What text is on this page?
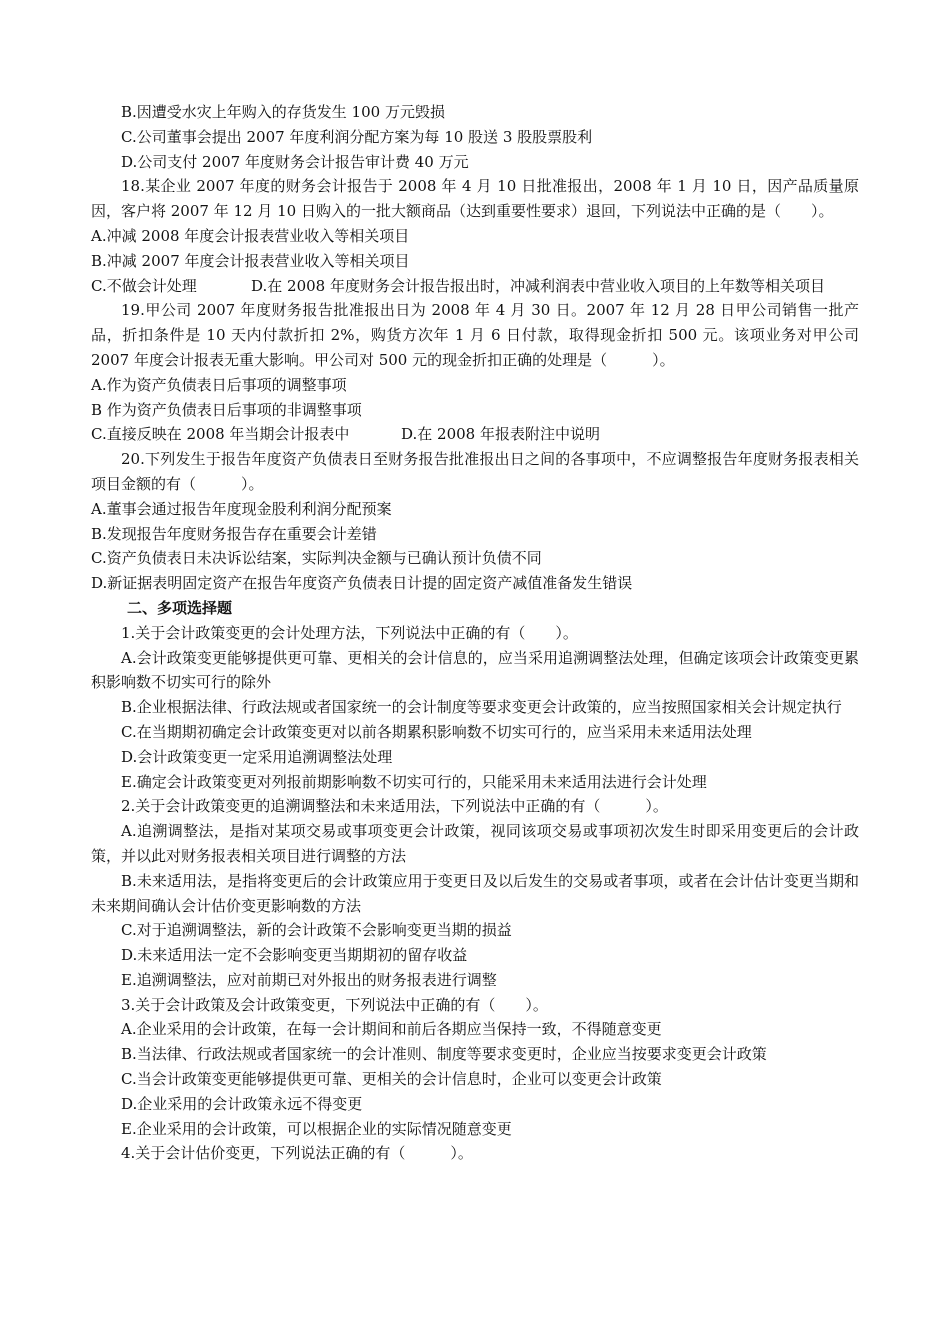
B.因遭受水灾上年购入的存货发生 100 万元毁损

C.公司董事会提出 2007 年度利润分配方案为每 10 股送 3 股股票股利

D.公司支付 2007 年度财务会计报告审计费 40 万元

18.某企业 2007 年度的财务会计报告于 2008 年 4 月 10 日批准报出，2008 年 1 月 10 日，因产品质量原因，客户将 2007 年 12 月 10 日购入的一批大额商品（达到重要性要求）退回，下列说法中正确的是（　　）。

A.冲减 2008 年度会计报表营业收入等相关项目

B.冲减 2007 年度会计报表营业收入等相关项目

C.不做会计处理	D.在 2008 年度财务会计报告报出时，冲减利润表中营业收入项目的上年数等相关项目

19.甲公司 2007 年度财务报告批准报出日为 2008 年 4 月 30 日。2007 年 12 月 28 日甲公司销售一批产品，折扣条件是 10 天内付款折扣 2%，购货方次年 1 月 6 日付款，取得现金折扣 500 元。该项业务对甲公司 2007 年度会计报表无重大影响。甲公司对 500 元的现金折扣正确的处理是（　　　）。

A.作为资产负债表日后事项的调整事项

B 作为资产负债表日后事项的非调整事项

C.直接反映在 2008 年当期会计报表中	D.在 2008 年报表附注中说明

20.下列发生于报告年度资产负债表日至财务报告批准报出日之间的各事项中，不应调整报告年度财务报表相关项目金额的有（　　　）。

A.董事会通过报告年度现金股利利润分配预案

B.发现报告年度财务报告存在重要会计差错

C.资产负债表日未决诉讼结案，实际判决金额与已确认预计负债不同

D.新证据表明固定资产在报告年度资产负债表日计提的固定资产减值准备发生错误

二、多项选择题

1.关于会计政策变更的会计处理方法，下列说法中正确的有（　　）。

A.会计政策变更能够提供更可靠、更相关的会计信息的，应当采用追溯调整法处理，但确定该项会计政策变更累积影响数不切实可行的除外

B.企业根据法律、行政法规或者国家统一的会计制度等要求变更会计政策的，应当按照国家相关会计规定执行

C.在当期期初确定会计政策变更对以前各期累积影响数不切实可行的，应当采用未来适用法处理

D.会计政策变更一定采用追溯调整法处理

E.确定会计政策变更对列报前期影响数不切实可行的，只能采用未来适用法进行会计处理

2.关于会计政策变更的追溯调整法和未来适用法，下列说法中正确的有（　　　）。

A.追溯调整法，是指对某项交易或事项变更会计政策，视同该项交易或事项初次发生时即采用变更后的会计政策，并以此对财务报表相关项目进行调整的方法

B.未来适用法，是指将变更后的会计政策应用于变更日及以后发生的交易或者事项，或者在会计估计变更当期和未来期间确认会计估价变更影响数的方法

C.对于追溯调整法，新的会计政策不会影响变更当期的损益

D.未来适用法一定不会影响变更当期期初的留存收益

E.追溯调整法，应对前期已对外报出的财务报表进行调整

3.关于会计政策及会计政策变更，下列说法中正确的有（　　）。

A.企业采用的会计政策，在每一会计期间和前后各期应当保持一致，不得随意变更

B.当法律、行政法规或者国家统一的会计准则、制度等要求变更时，企业应当按要求变更会计政策

C.当会计政策变更能够提供更可靠、更相关的会计信息时，企业可以变更会计政策

D.企业采用的会计政策永远不得变更

E.企业采用的会计政策，可以根据企业的实际情况随意变更

4.关于会计估价变更，下列说法正确的有（　　　）。
